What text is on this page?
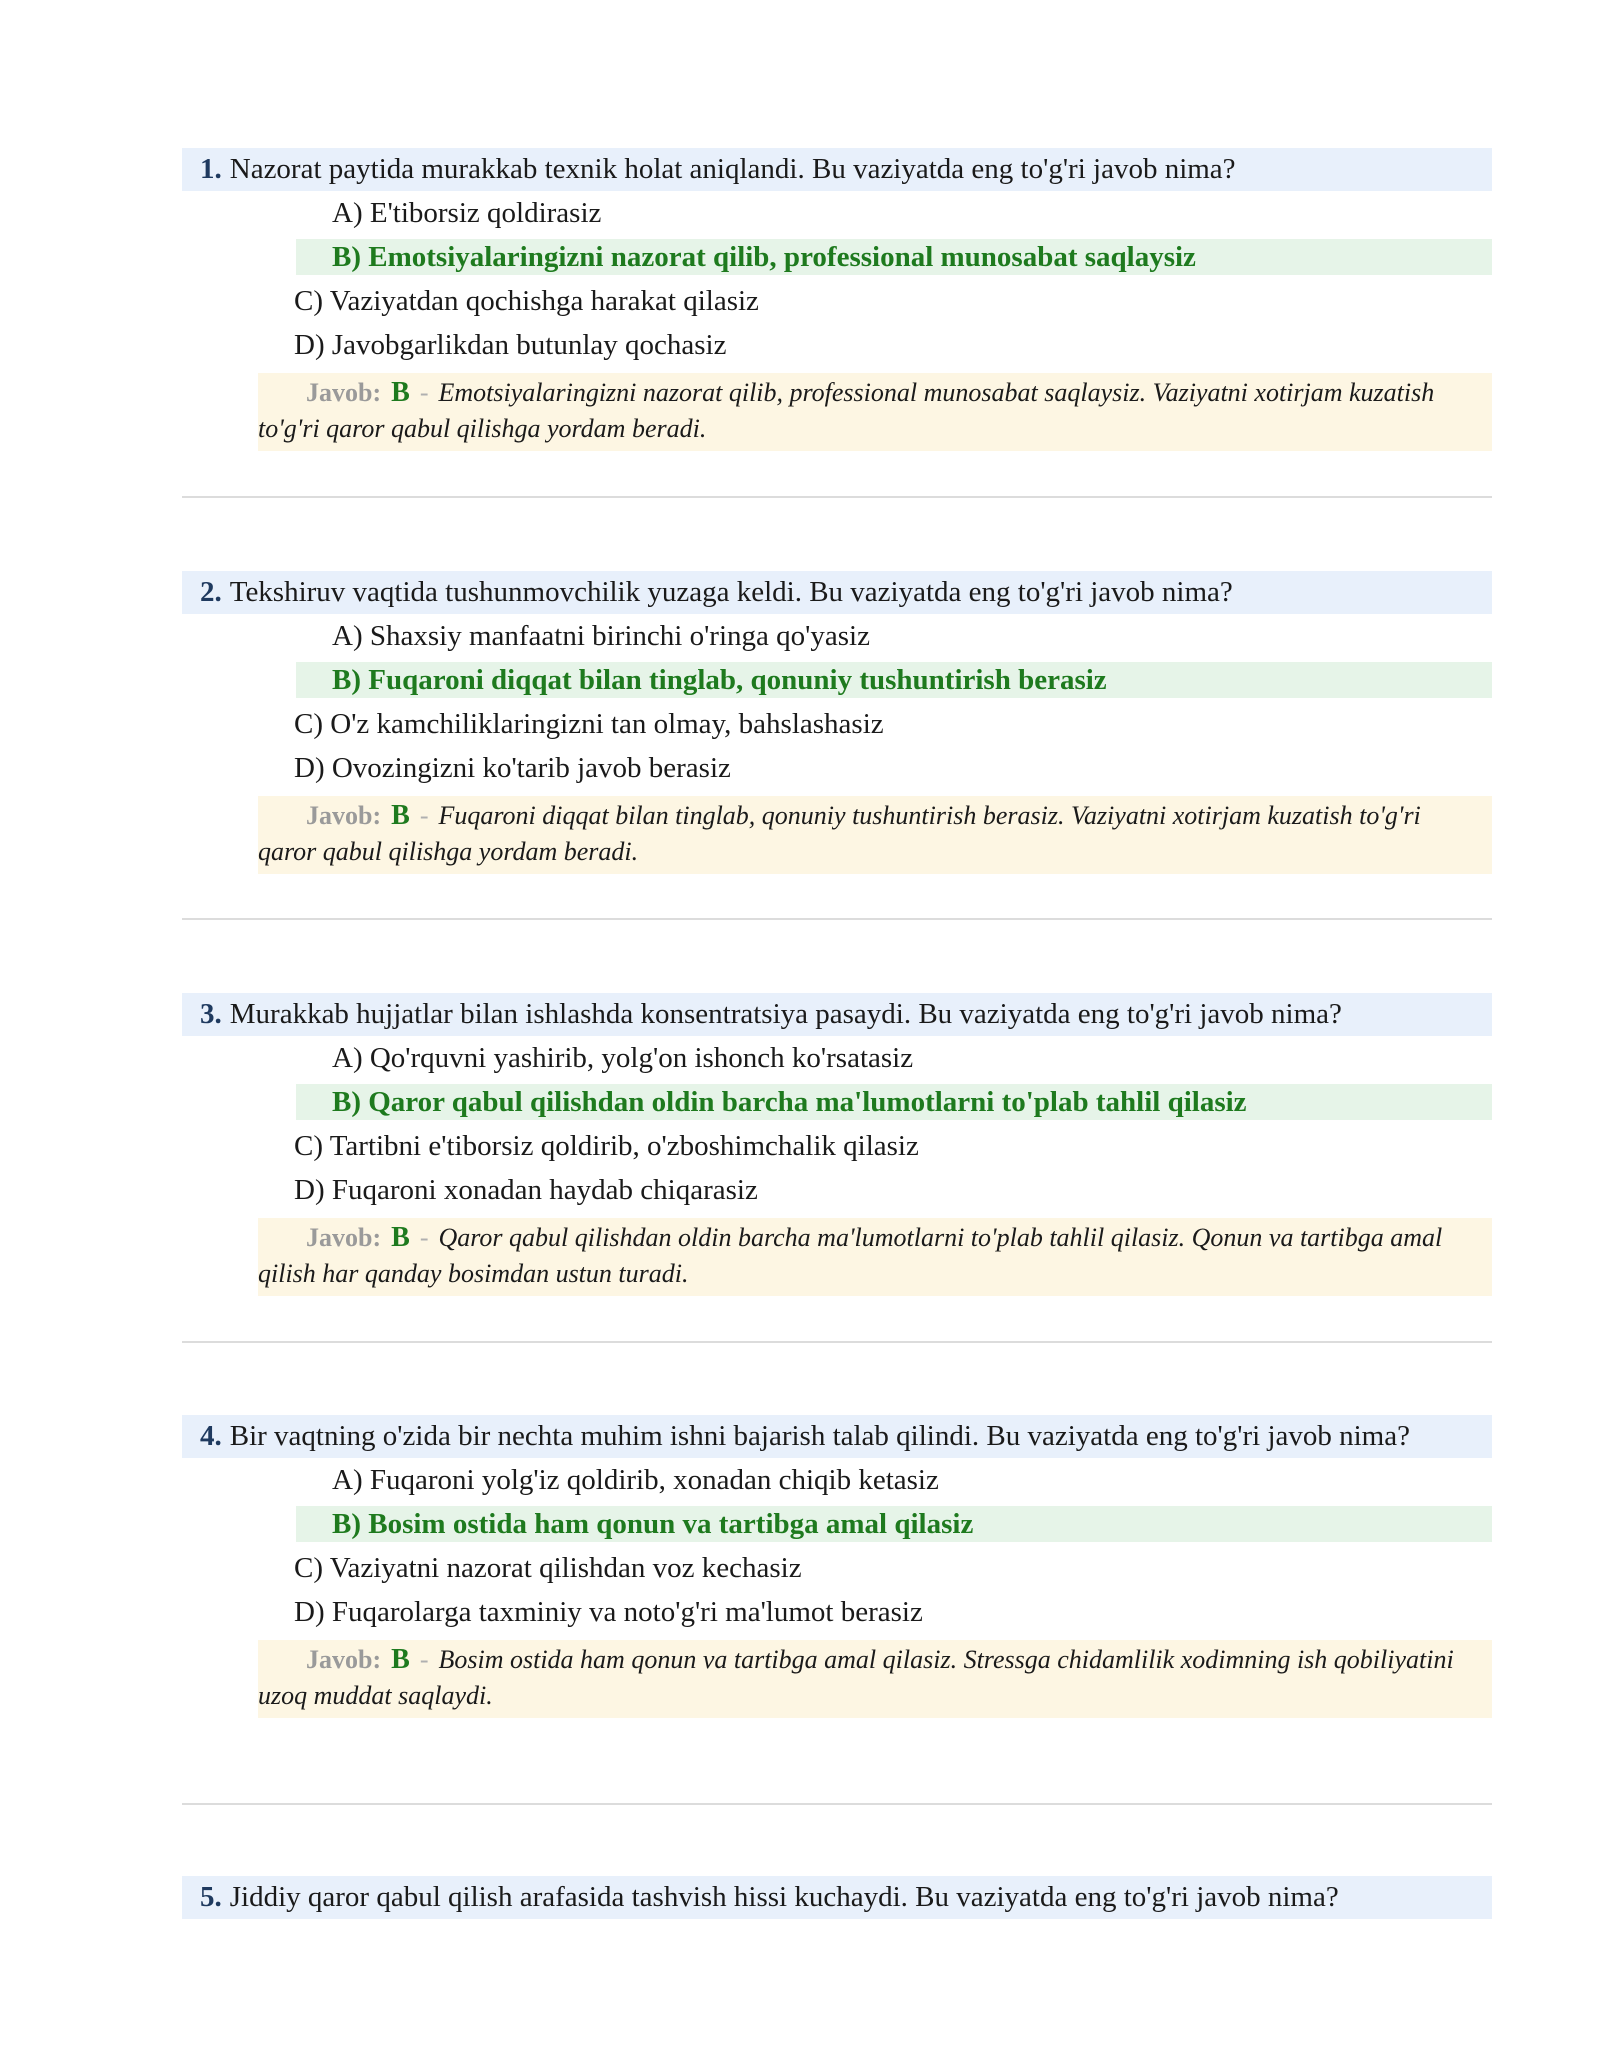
1. Nazorat paytida murakkab texnik holat aniqlandi. Bu vaziyatda eng to'g'ri javob nima?
A) E'tiborsiz qoldirasiz
B) Emotsiyalaringizni nazorat qilib, professional munosabat saqlaysiz
C) Vaziyatdan qochishga harakat qilasiz
D) Javobgarlikdan butunlay qochasiz
Javob: B - Emotsiyalaringizni nazorat qilib, professional munosabat saqlaysiz. Vaziyatni xotirjam kuzatish to'g'ri qaror qabul qilishga yordam beradi.
2. Tekshiruv vaqtida tushunmovchilik yuzaga keldi. Bu vaziyatda eng to'g'ri javob nima?
A) Shaxsiy manfaatni birinchi o'ringa qo'yasiz
B) Fuqaroni diqqat bilan tinglab, qonuniy tushuntirish berasiz
C) O'z kamchiliklaringizni tan olmay, bahslashasiz
D) Ovozingizni ko'tarib javob berasiz
Javob: B - Fuqaroni diqqat bilan tinglab, qonuniy tushuntirish berasiz. Vaziyatni xotirjam kuzatish to'g'ri qaror qabul qilishga yordam beradi.
3. Murakkab hujjatlar bilan ishlashda konsentratsiya pasaydi. Bu vaziyatda eng to'g'ri javob nima?
A) Qo'rquvni yashirib, yolg'on ishonch ko'rsatasiz
B) Qaror qabul qilishdan oldin barcha ma'lumotlarni to'plab tahlil qilasiz
C) Tartibni e'tiborsiz qoldirib, o'zboshimchalik qilasiz
D) Fuqaroni xonadan haydab chiqarasiz
Javob: B - Qaror qabul qilishdan oldin barcha ma'lumotlarni to'plab tahlil qilasiz. Qonun va tartibga amal qilish har qanday bosimdan ustun turadi.
4. Bir vaqtning o'zida bir nechta muhim ishni bajarish talab qilindi. Bu vaziyatda eng to'g'ri javob nima?
A) Fuqaroni yolg'iz qoldirib, xonadan chiqib ketasiz
B) Bosim ostida ham qonun va tartibga amal qilasiz
C) Vaziyatni nazorat qilishdan voz kechasiz
D) Fuqarolarga taxminiy va noto'g'ri ma'lumot berasiz
Javob: B - Bosim ostida ham qonun va tartibga amal qilasiz. Stressga chidamlilik xodimning ish qobiliyatini uzoq muddat saqlaydi.
5. Jiddiy qaror qabul qilish arafasida tashvish hissi kuchaydi. Bu vaziyatda eng to'g'ri javob nima?
